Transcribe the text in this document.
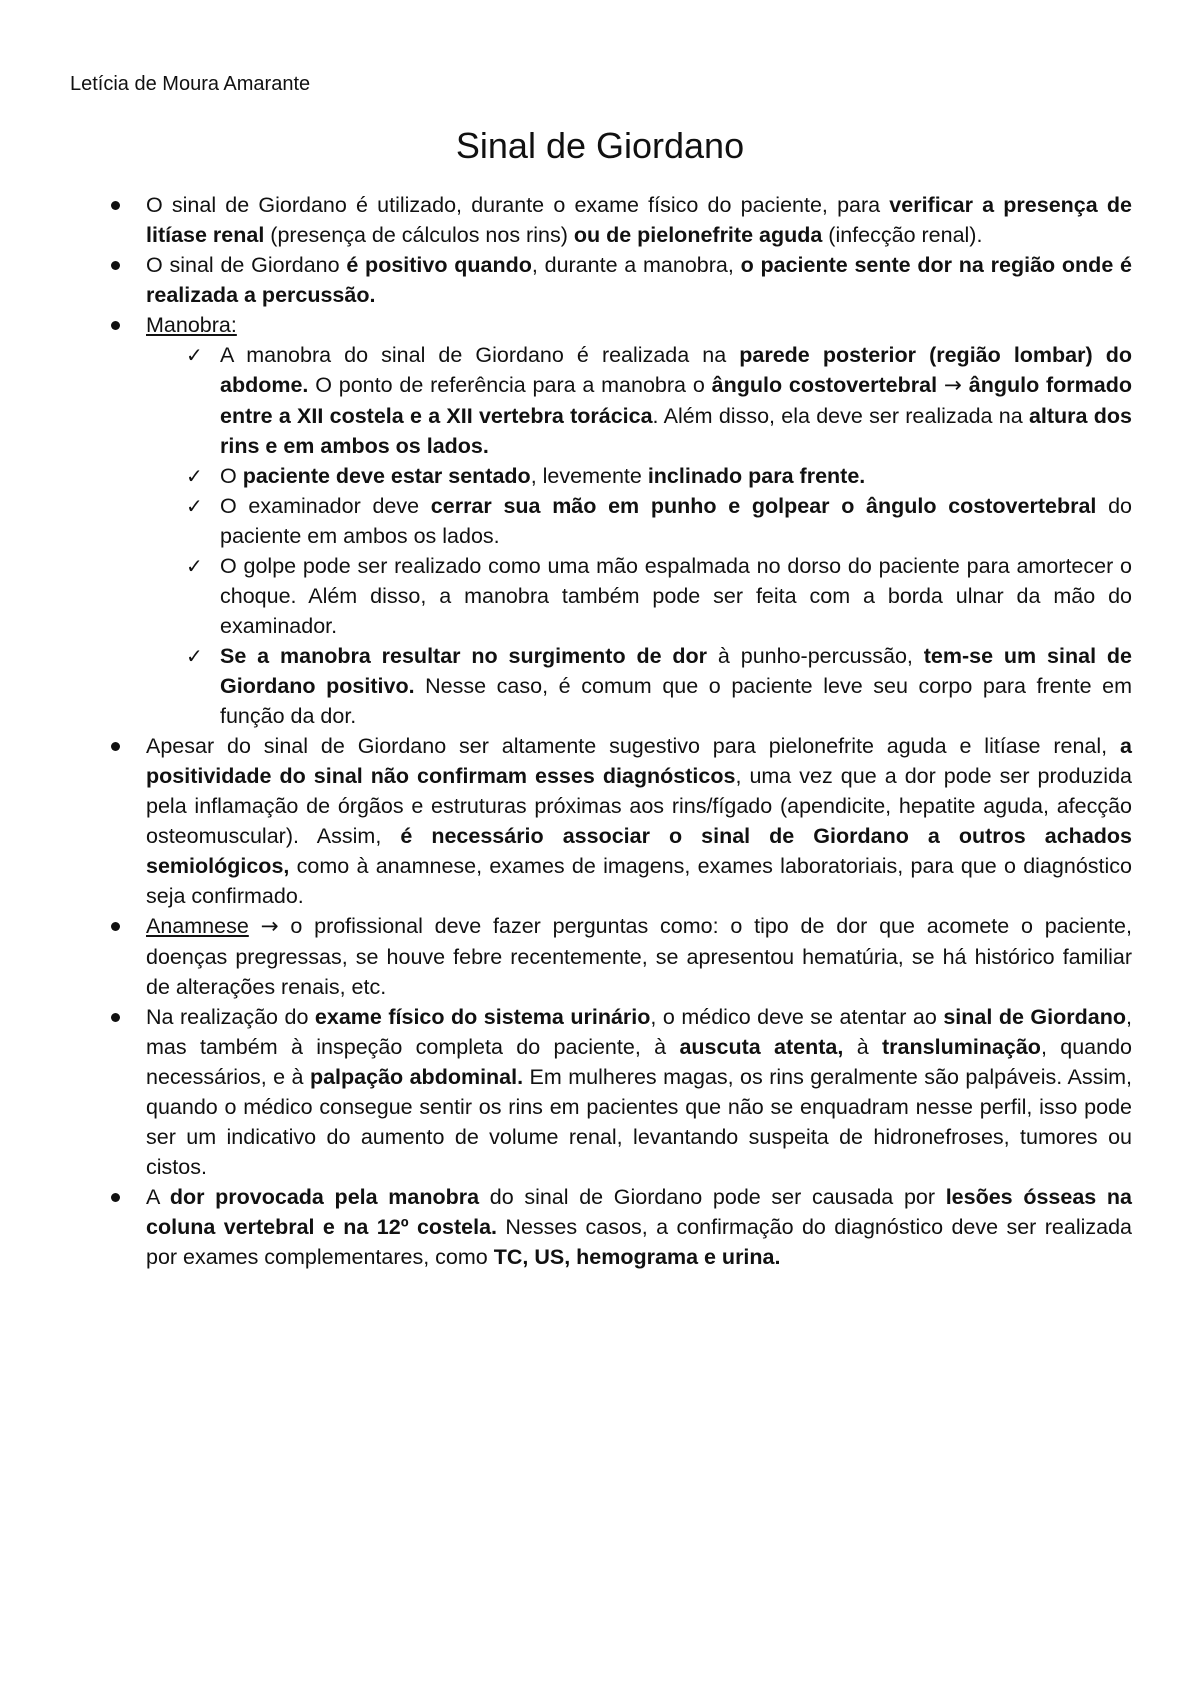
Letícia de Moura Amarante
Sinal de Giordano
O sinal de Giordano é utilizado, durante o exame físico do paciente, para verificar a presença de litíase renal (presença de cálculos nos rins) ou de pielonefrite aguda (infecção renal).
O sinal de Giordano é positivo quando, durante a manobra, o paciente sente dor na região onde é realizada a percussão.
Manobra:
✓ A manobra do sinal de Giordano é realizada na parede posterior (região lombar) do abdome. O ponto de referência para a manobra o ângulo costovertebral → ângulo formado entre a XII costela e a XII vertebra torácica. Além disso, ela deve ser realizada na altura dos rins e em ambos os lados.
✓ O paciente deve estar sentado, levemente inclinado para frente.
✓ O examinador deve cerrar sua mão em punho e golpear o ângulo costovertebral do paciente em ambos os lados.
✓ O golpe pode ser realizado como uma mão espalmada no dorso do paciente para amortecer o choque. Além disso, a manobra também pode ser feita com a borda ulnar da mão do examinador.
✓ Se a manobra resultar no surgimento de dor à punho-percussão, tem-se um sinal de Giordano positivo. Nesse caso, é comum que o paciente leve seu corpo para frente em função da dor.
Apesar do sinal de Giordano ser altamente sugestivo para pielonefrite aguda e litíase renal, a positividade do sinal não confirmam esses diagnósticos, uma vez que a dor pode ser produzida pela inflamação de órgãos e estruturas próximas aos rins/fígado (apendicite, hepatite aguda, afecção osteomuscular). Assim, é necessário associar o sinal de Giordano a outros achados semiológicos, como à anamnese, exames de imagens, exames laboratoriais, para que o diagnóstico seja confirmado.
Anamnese → o profissional deve fazer perguntas como: o tipo de dor que acomete o paciente, doenças pregressas, se houve febre recentemente, se apresentou hematúria, se há histórico familiar de alterações renais, etc.
Na realização do exame físico do sistema urinário, o médico deve se atentar ao sinal de Giordano, mas também à inspeção completa do paciente, à auscuta atenta, à transluminação, quando necessários, e à palpação abdominal. Em mulheres magas, os rins geralmente são palpáveis. Assim, quando o médico consegue sentir os rins em pacientes que não se enquadram nesse perfil, isso pode ser um indicativo do aumento de volume renal, levantando suspeita de hidronefroses, tumores ou cistos.
A dor provocada pela manobra do sinal de Giordano pode ser causada por lesões ósseas na coluna vertebral e na 12º costela. Nesses casos, a confirmação do diagnóstico deve ser realizada por exames complementares, como TC, US, hemograma e urina.
